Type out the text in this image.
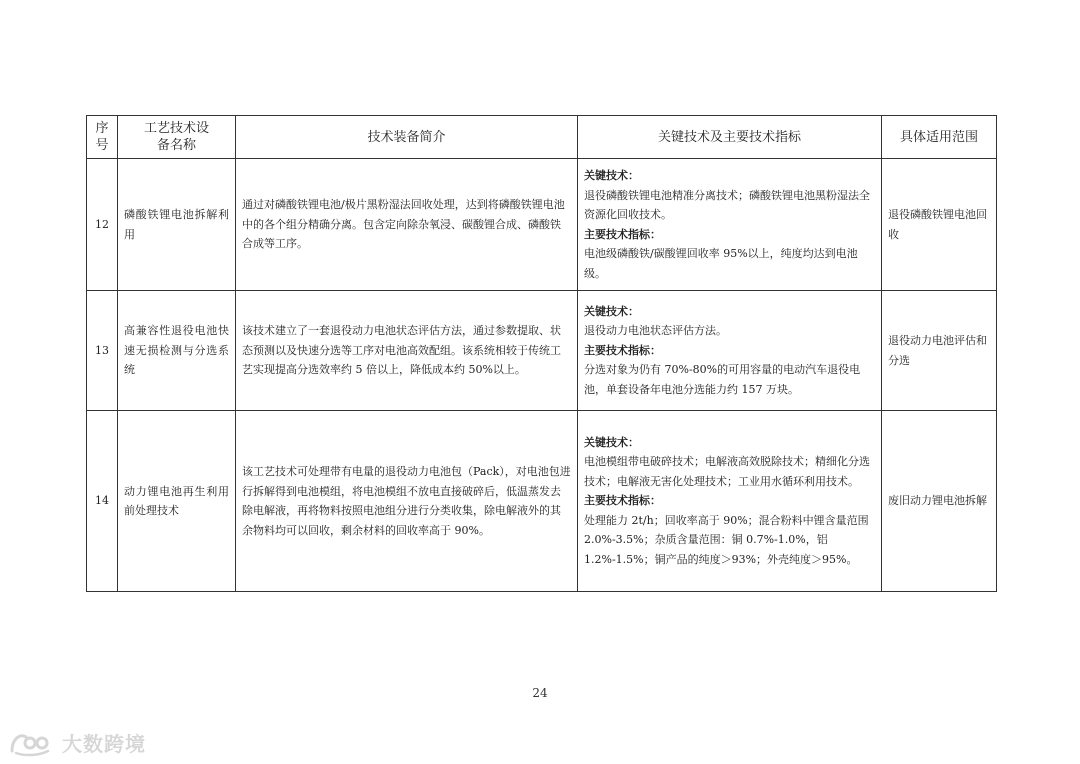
序号	工艺技术设备名称	技术装备简介	关键技术及主要技术指标	具体适用范围
12	磷酸铁锂电池拆解利用	通过对磷酸铁锂电池/极片黑粉湿法回收处理，达到将磷酸铁锂电池中的各个组分精确分离。包含定向除杂氧浸、碳酸锂合成、磷酸铁合成等工序。	关键技术：
退役磷酸铁锂电池精准分离技术；磷酸铁锂电池黑粉湿法全资源化回收技术。
主要技术指标：
电池级磷酸铁/碳酸锂回收率 95%以上，纯度均达到电池级。	退役磷酸铁锂电池回收
13	高兼容性退役电池快速无损检测与分选系统	该技术建立了一套退役动力电池状态评估方法，通过参数提取、状态预测以及快速分选等工序对电池高效配组。该系统相较于传统工艺实现提高分选效率约 5 倍以上，降低成本约 50%以上。	关键技术：
退役动力电池状态评估方法。
主要技术指标：
分选对象为仍有 70%-80%的可用容量的电动汽车退役电池，单套设备年电池分选能力约 157 万块。	退役动力电池评估和分选
14	动力锂电池再生利用前处理技术	该工艺技术可处理带有电量的退役动力电池包（Pack），对电池包进行拆解得到电池模组，将电池模组不放电直接破碎后，低温蒸发去除电解液，再将物料按照电池组分进行分类收集，除电解液外的其余物料均可以回收，剩余材料的回收率高于 90%。	关键技术：
电池模组带电破碎技术；电解液高效脱除技术；精细化分选技术；电解液无害化处理技术；工业用水循环利用技术。
主要技术指标：
处理能力 2t/h；回收率高于 90%；混合粉料中锂含量范围 2.0%-3.5%；杂质含量范围：铜 0.7%-1.0%，铝 1.2%-1.5%；铜产品的纯度＞93%；外壳纯度＞95%。	废旧动力锂电池拆解
24
大数跨境
